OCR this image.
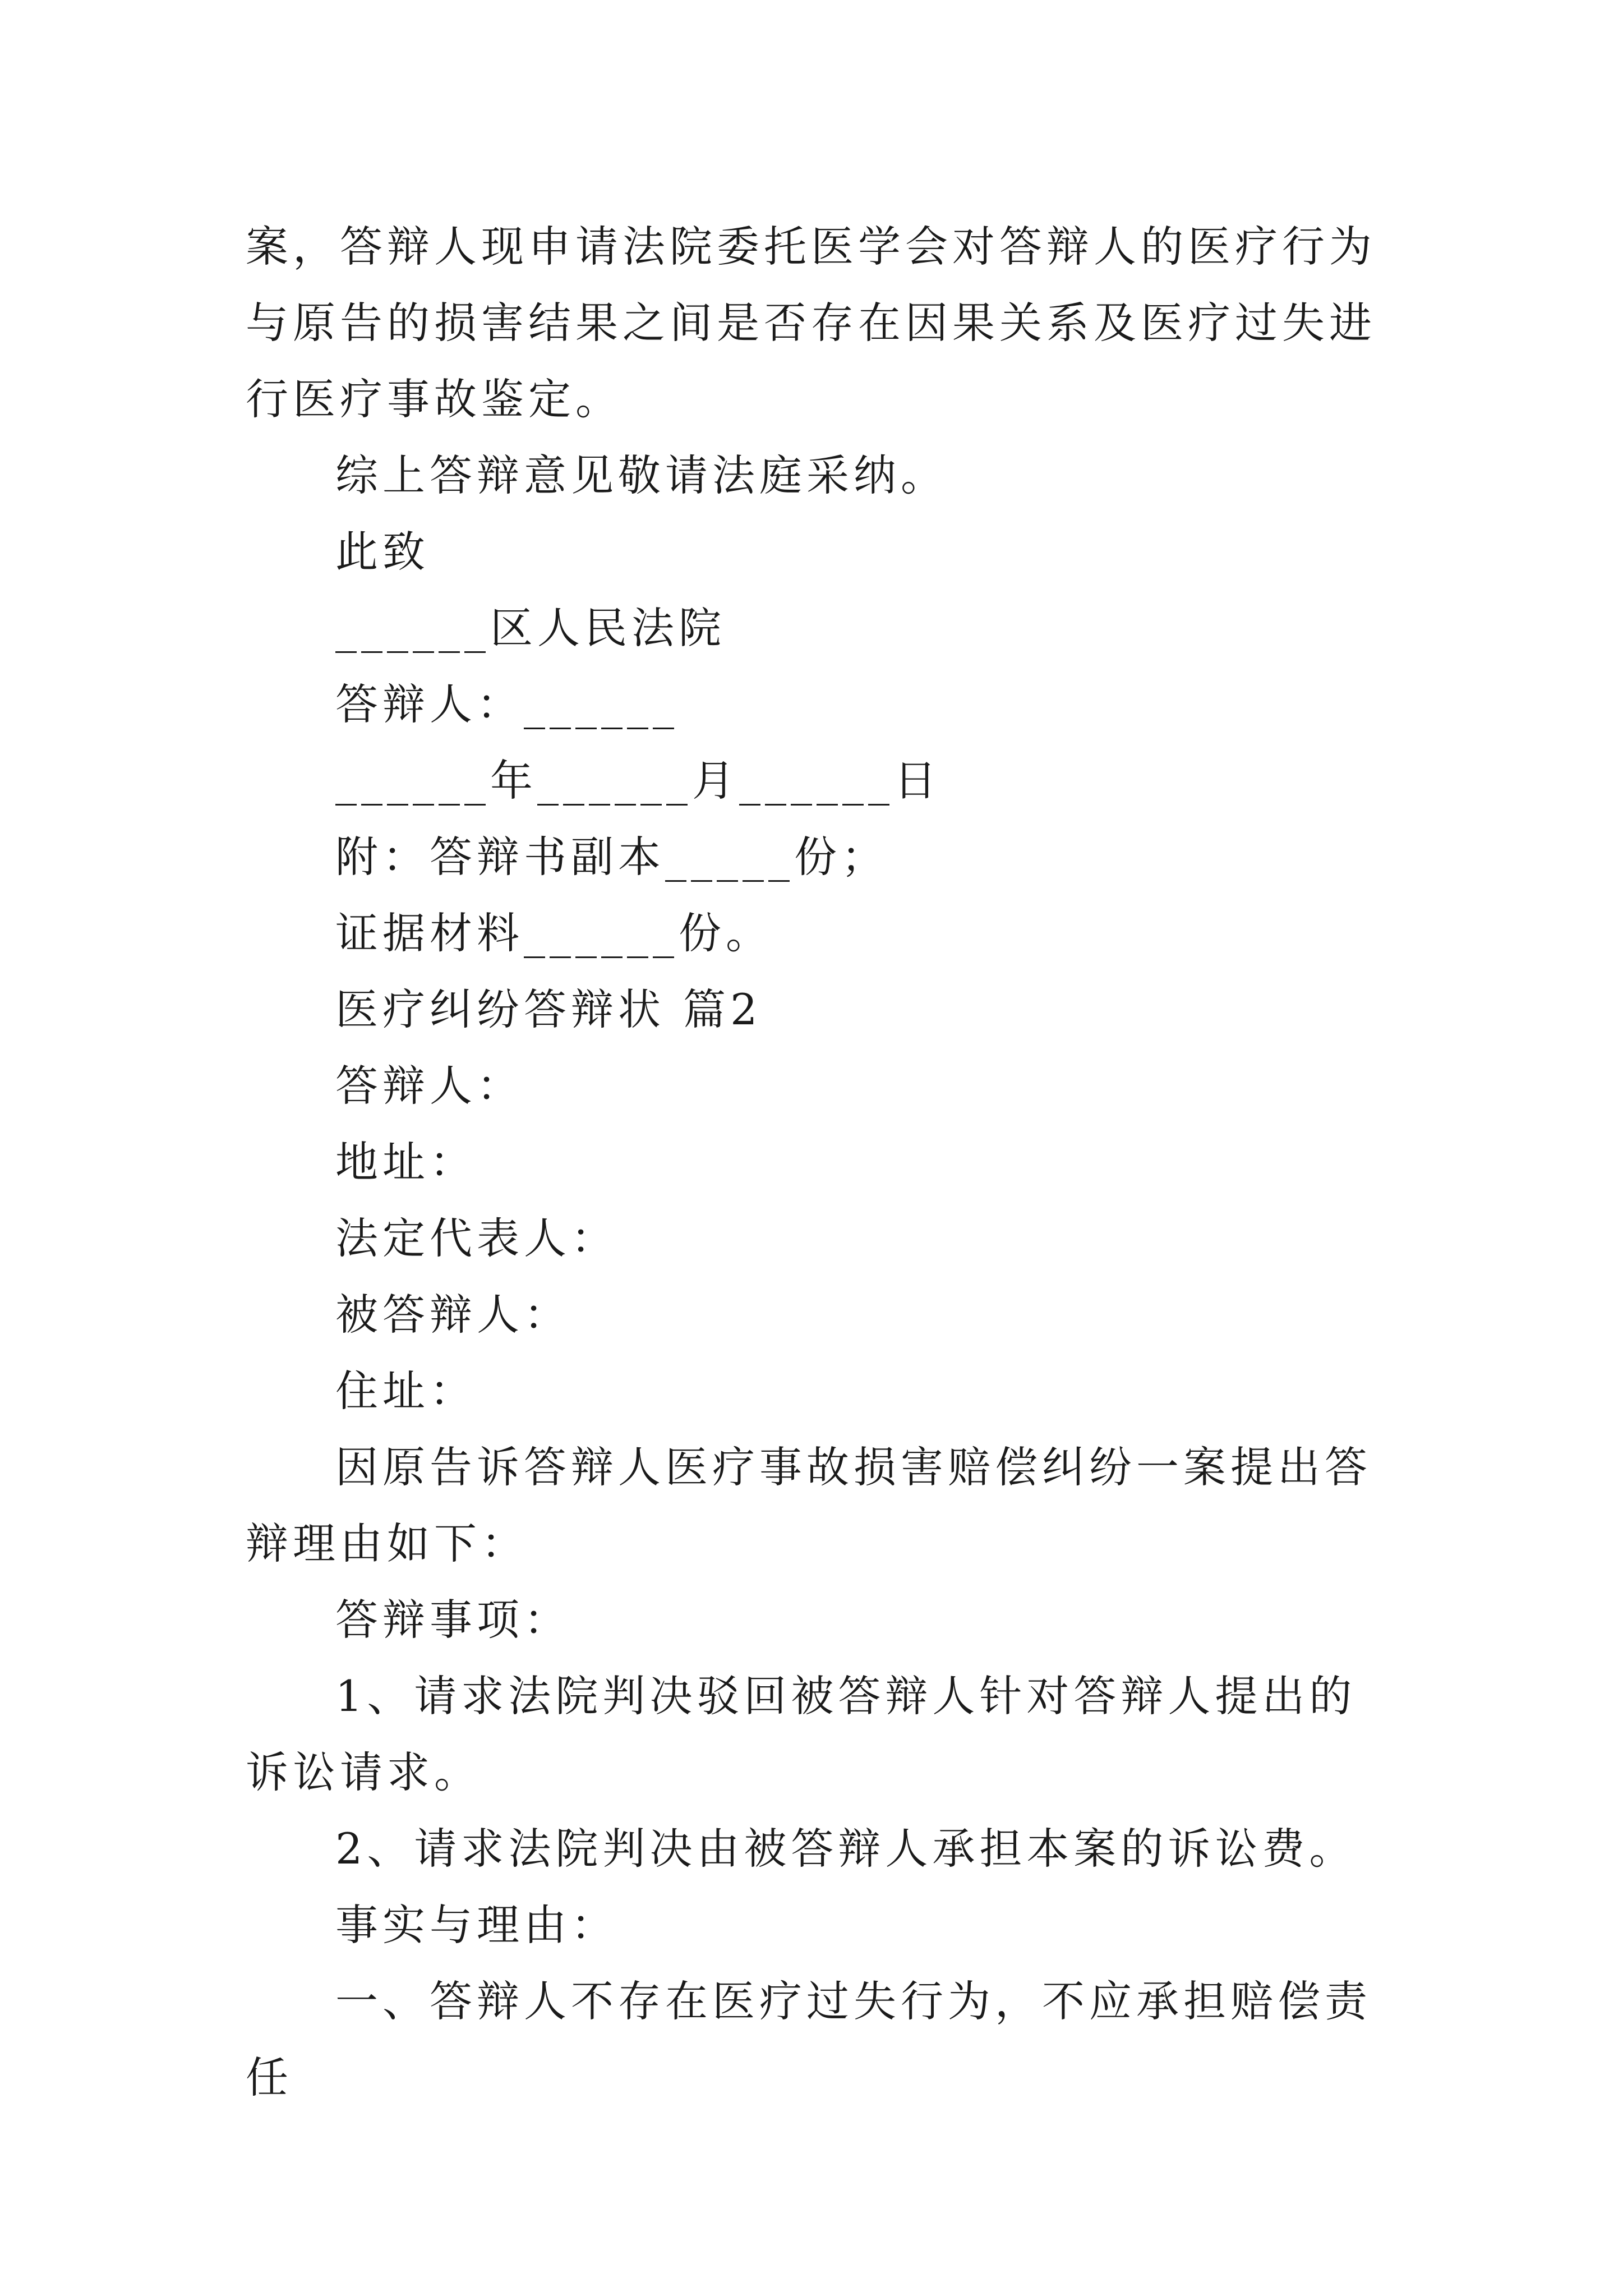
案，答辩人现申请法院委托医学会对答辩人的医疗行为与原告的损害结果之间是否存在因果关系及医疗过失进行医疗事故鉴定。

综上答辩意见敬请法庭采纳。

此致

______区人民法院

答辩人：______

______年______月______日

附：答辩书副本_____份；

证据材料______份。

医疗纠纷答辩状 篇2

答辩人：

地址：

法定代表人：

被答辩人：

住址：

因原告诉答辩人医疗事故损害赔偿纠纷一案提出答辩理由如下：

答辩事项：

1、请求法院判决驳回被答辩人针对答辩人提出的诉讼请求。

2、请求法院判决由被答辩人承担本案的诉讼费。

事实与理由：

一、答辩人不存在医疗过失行为，不应承担赔偿责任
